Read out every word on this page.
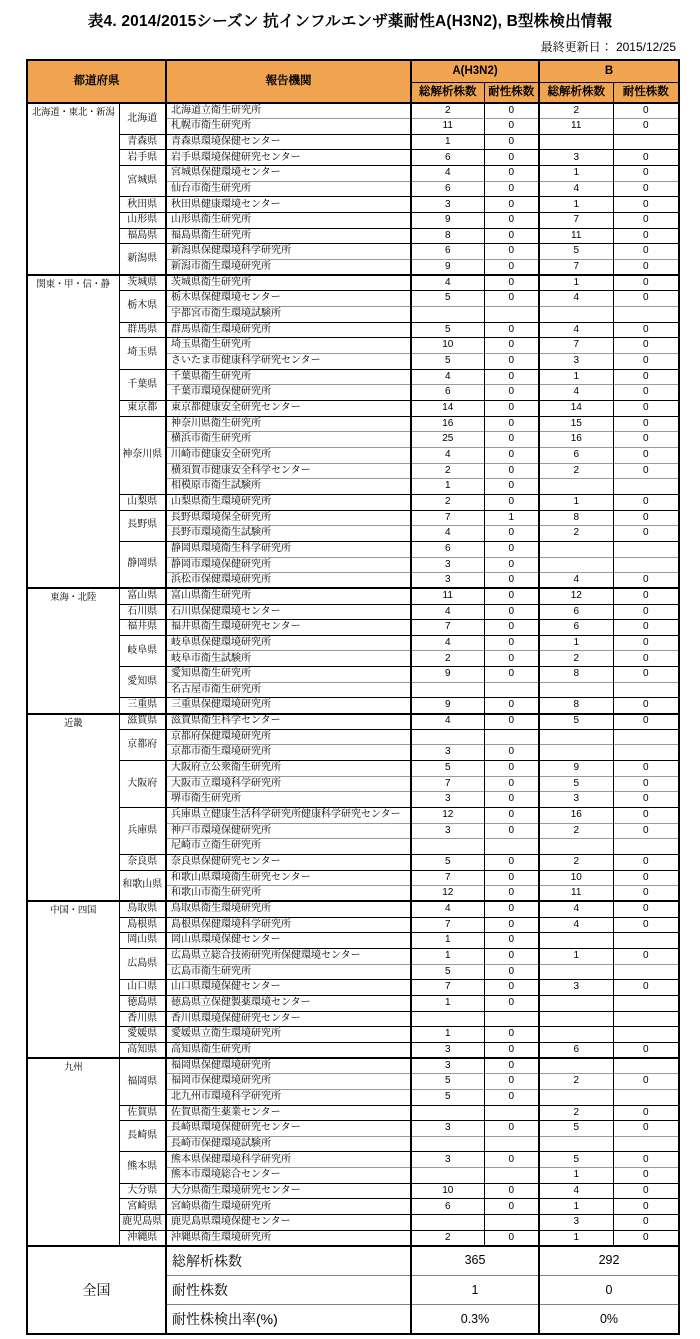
表4. 2014/2015シーズン 抗インフルエンザ薬耐性A(H3N2), B型株検出情報
最終更新日： 2015/12/25
都道府県		報告機関	A(H3N2)		B	
			総解析株数	耐性株数	総解析株数	耐性株数
北海道・東北・新潟	北海道	北海道立衛生研究所	2	0	2	0
		札幌市衛生研究所	11	0	11	0
	青森県	青森県環境保健センター	1	0		
	岩手県	岩手県環境保健研究センター	6	0	3	0
	宮城県	宮城県保健環境センター	4	0	1	0
		仙台市衛生研究所	6	0	4	0
	秋田県	秋田県健康環境センター	3	0	1	0
	山形県	山形県衛生研究所	9	0	7	0
	福島県	福島県衛生研究所	8	0	11	0
	新潟県	新潟県保健環境科学研究所	6	0	5	0
		新潟市衛生環境研究所	9	0	7	0
関東・甲・信・静	茨城県	茨城県衛生研究所	4	0	1	0
	栃木県	栃木県保健環境センター	5	0	4	0
		宇都宮市衛生環境試験所				
	群馬県	群馬県衛生環境研究所	5	0	4	0
	埼玉県	埼玉県衛生研究所	10	0	7	0
		さいたま市健康科学研究センター	5	0	3	0
	千葉県	千葉県衛生研究所	4	0	1	0
		千葉市環境保健研究所	6	0	4	0
	東京都	東京都健康安全研究センター	14	0	14	0
	神奈川県	神奈川県衛生研究所	16	0	15	0
		横浜市衛生研究所	25	0	16	0
		川崎市健康安全研究所	4	0	6	0
		横須賀市健康安全科学センター	2	0	2	0
		相模原市衛生試験所	1	0		
	山梨県	山梨県衛生環境研究所	2	0	1	0
	長野県	長野県環境保全研究所	7	1	8	0
		長野市環境衛生試験所	4	0	2	0
	静岡県	静岡県環境衛生科学研究所	6	0		
		静岡市環境保健研究所	3	0		
		浜松市保健環境研究所	3	0	4	0
東海・北陸	富山県	富山県衛生研究所	11	0	12	0
	石川県	石川県保健環境センター	4	0	6	0
	福井県	福井県衛生環境研究センター	7	0	6	0
	岐阜県	岐阜県保健環境研究所	4	0	1	0
		岐阜市衛生試験所	2	0	2	0
	愛知県	愛知県衛生研究所	9	0	8	0
		名古屋市衛生研究所				
	三重県	三重県保健環境研究所	9	0	8	0
近畿	滋賀県	滋賀県衛生科学センター	4	0	5	0
	京都府	京都府保健環境研究所				
		京都市衛生環境研究所	3	0		
	大阪府	大阪府立公衆衛生研究所	5	0	9	0
		大阪市立環境科学研究所	7	0	5	0
		堺市衛生研究所	3	0	3	0
	兵庫県	兵庫県立健康生活科学研究所健康科学研究センター	12	0	16	0
		神戸市環境保健研究所	3	0	2	0
		尼崎市立衛生研究所				
	奈良県	奈良県保健研究センター	5	0	2	0
	和歌山県	和歌山県環境衛生研究センター	7	0	10	0
		和歌山市衛生研究所	12	0	11	0
中国・四国	鳥取県	鳥取県衛生環境研究所	4	0	4	0
	島根県	島根県保健環境科学研究所	7	0	4	0
	岡山県	岡山県環境保健センター	1	0		
	広島県	広島県立総合技術研究所保健環境センター	1	0	1	0
		広島市衛生研究所	5	0		
	山口県	山口県環境保健センター	7	0	3	0
	徳島県	徳島県立保健製薬環境センター	1	0		
	香川県	香川県環境保健研究センター				
	愛媛県	愛媛県立衛生環境研究所	1	0		
	高知県	高知県衛生研究所	3	0	6	0
九州	福岡県	福岡県保健環境研究所	3	0		
		福岡市保健環境研究所	5	0	2	0
		北九州市環境科学研究所	5	0		
	佐賀県	佐賀県衛生薬業センター			2	0
	長崎県	長崎県環境保健研究センター	3	0	5	0
		長崎市保健環境試験所				
	熊本県	熊本県保健環境科学研究所	3	0	5	0
		熊本市環境総合センター			1	0
	大分県	大分県衛生環境研究センター	10	0	4	0
	宮崎県	宮崎県衛生環境研究所	6	0	1	0
	鹿児島県	鹿児島県環境保健センター			3	0
	沖縄県	沖縄県衛生環境研究所	2	0	1	0
全国		総解析株数	365		292	
		耐性株数	1		0	
		耐性株検出率(%)	0.3%		0%	
